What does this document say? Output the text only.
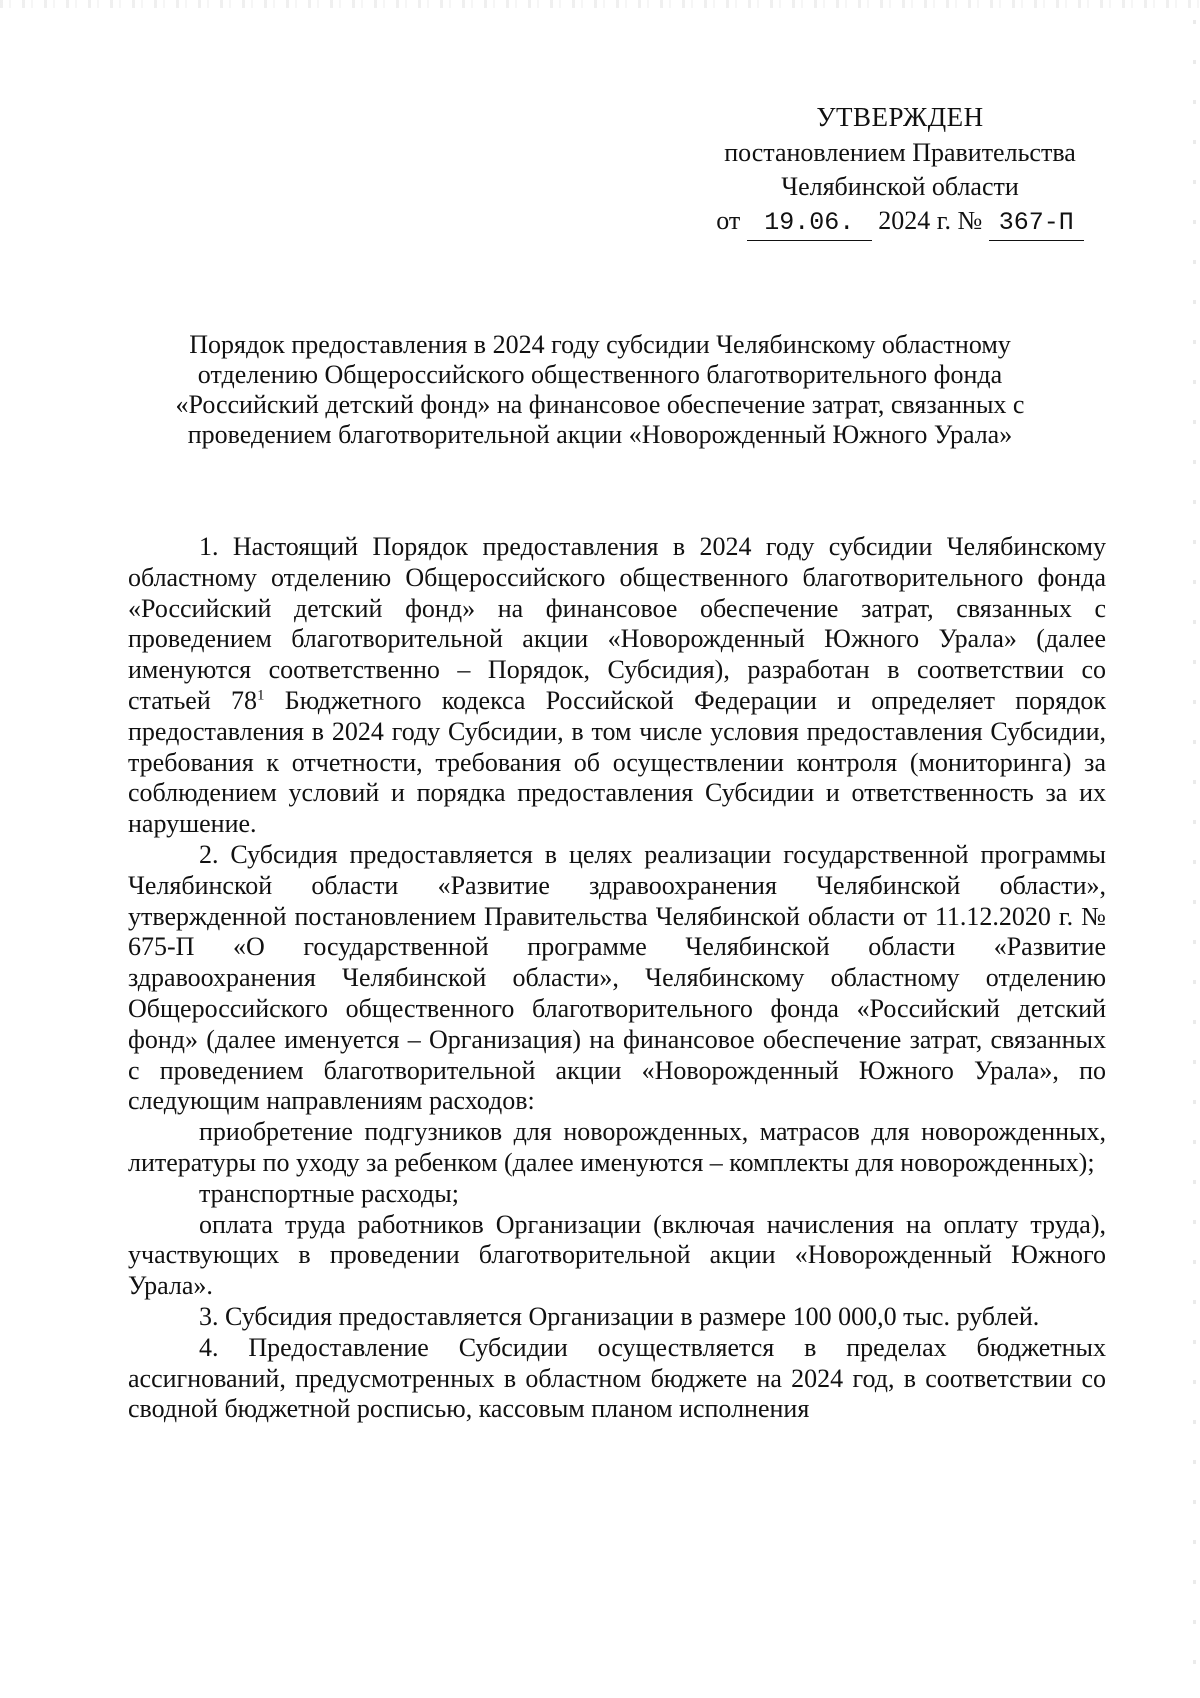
УТВЕРЖДЕН
постановлением Правительства
Челябинской области
от 19.06. 2024 г. № 367-П
Порядок предоставления в 2024 году субсидии Челябинскому областному отделению Общероссийского общественного благотворительного фонда «Российский детский фонд» на финансовое обеспечение затрат, связанных с проведением благотворительной акции «Новорожденный Южного Урала»

1. Настоящий Порядок предоставления в 2024 году субсидии Челябинскому областному отделению Общероссийского общественного благотворительного фонда «Российский детский фонд» на финансовое обеспечение затрат, связанных с проведением благотворительной акции «Новорожденный Южного Урала» (далее именуются соответственно – Порядок, Субсидия), разработан в соответствии со статьей $78^1$ Бюджетного кодекса Российской Федерации и определяет порядок предоставления в 2024 году Субсидии, в том числе условия предоставления Субсидии, требования к отчетности, требования об осуществлении контроля (мониторинга) за соблюдением условий и порядка предоставления Субсидии и ответственность за их нарушение.

2. Субсидия предоставляется в целях реализации государственной программы Челябинской области «Развитие здравоохранения Челябинской области», утвержденной постановлением Правительства Челябинской области от 11.12.2020 г. № 675-П «О государственной программе Челябинской области «Развитие здравоохранения Челябинской области», Челябинскому областному отделению Общероссийского общественного благотворительного фонда «Российский детский фонд» (далее именуется – Организация) на финансовое обеспечение затрат, связанных с проведением благотворительной акции «Новорожденный Южного Урала», по следующим направлениям расходов:

приобретение подгузников для новорожденных, матрасов для новорожденных, литературы по уходу за ребенком (далее именуются – комплекты для новорожденных);

транспортные расходы;

оплата труда работников Организации (включая начисления на оплату труда), участвующих в проведении благотворительной акции «Новорожденный Южного Урала».

3. Субсидия предоставляется Организации в размере 100 000,0 тыс. рублей.

4. Предоставление Субсидии осуществляется в пределах бюджетных ассигнований, предусмотренных в областном бюджете на 2024 год, в соответствии со сводной бюджетной росписью, кассовым планом исполнения
